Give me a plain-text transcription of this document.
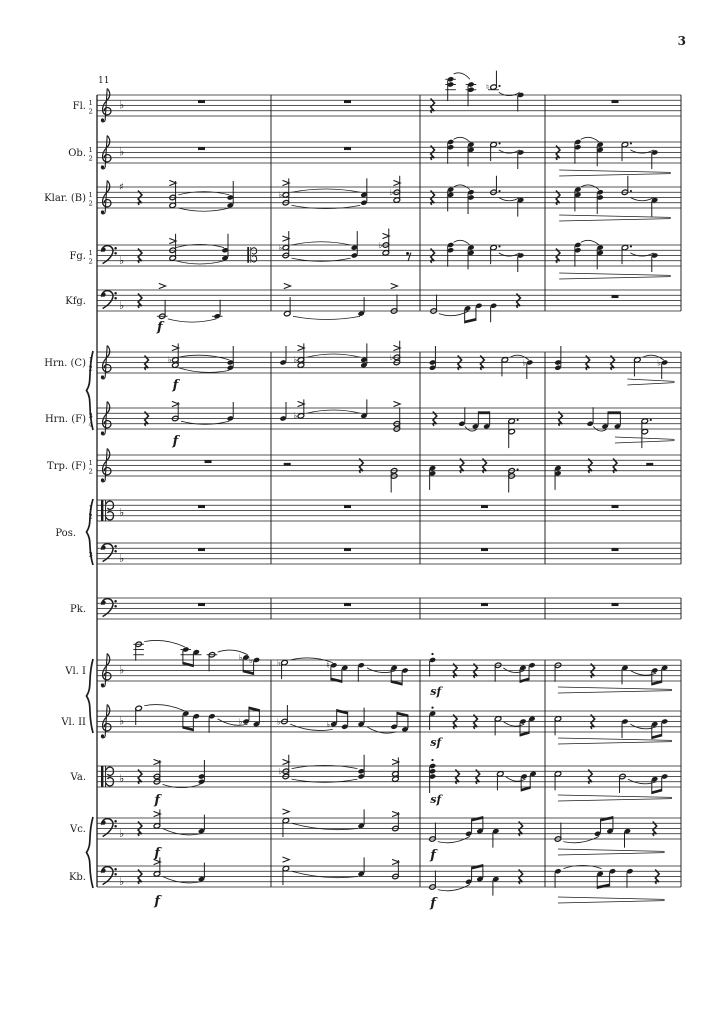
3
11
Pos.
♭
♮
Fl. 1
2
♭
Ob. 1
2
♯
♭	♭
Klar. (B) 1
2
♭
♭	♭
Fg. 1
2
♭
f
Kfg.
♭
f
♭	♭
♭	♭
Hrn. (C) 1
2
f
♭
Hrn. (F) 3
4
Trp. (F) 1
2
♭
1
2
♭
3
Pk.
♭
♭ ♭	♭	♮
sf
Vl. I
♭	♭	♭	♭
sf
Vl. II
♭
f
♭
sf
Va.
♭
f	f
Vc.
♭
f	f
Kb.
